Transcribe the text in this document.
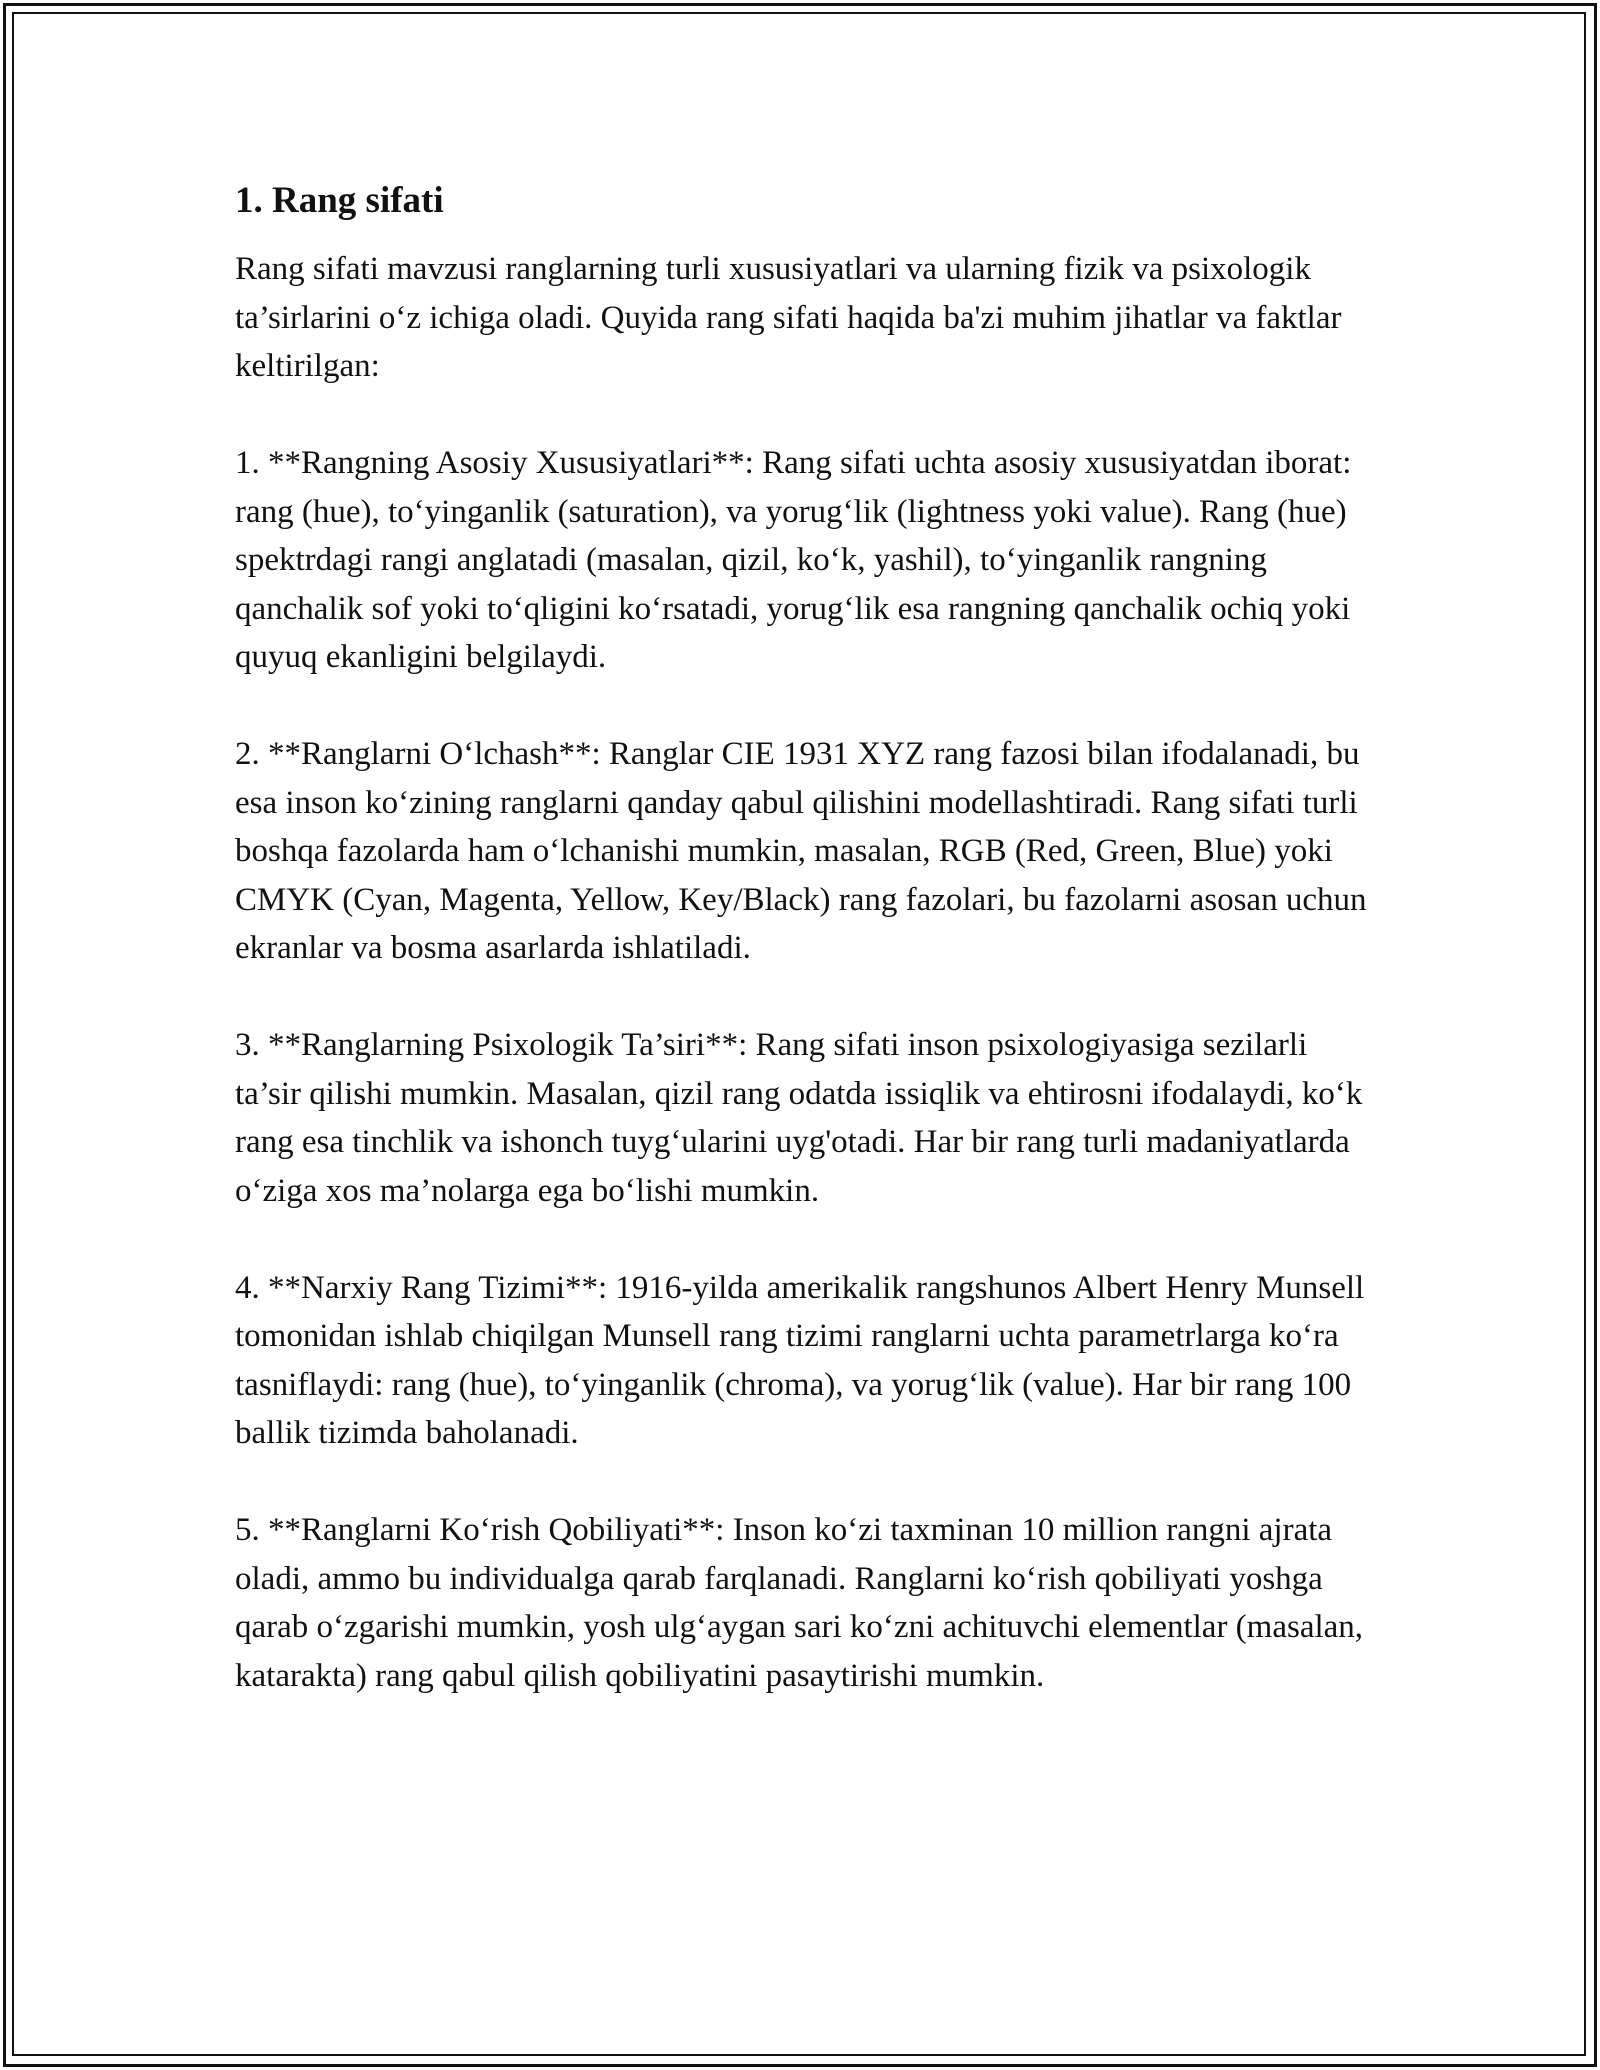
1. Rang sifati

Rang sifati mavzusi ranglarning turli xususiyatlari va ularning fizik va psixologik ta’sirlarini o‘z ichiga oladi. Quyida rang sifati haqida ba'zi muhim jihatlar va faktlar keltirilgan:

1. **Rangning Asosiy Xususiyatlari**: Rang sifati uchta asosiy xususiyatdan iborat: rang (hue), to‘yinganlik (saturation), va yorug‘lik (lightness yoki value). Rang (hue) spektrdagi rangi anglatadi (masalan, qizil, ko‘k, yashil), to‘yinganlik rangning qanchalik sof yoki to‘qligini ko‘rsatadi, yorug‘lik esa rangning qanchalik ochiq yoki quyuq ekanligini belgilaydi.

2. **Ranglarni O‘lchash**: Ranglar CIE 1931 XYZ rang fazosi bilan ifodalanadi, bu esa inson ko‘zining ranglarni qanday qabul qilishini modellashtiradi. Rang sifati turli boshqa fazolarda ham o‘lchanishi mumkin, masalan, RGB (Red, Green, Blue) yoki CMYK (Cyan, Magenta, Yellow, Key/Black) rang fazolari, bu fazolarni asosan uchun ekranlar va bosma asarlarda ishlatiladi.

3. **Ranglarning Psixologik Ta’siri**: Rang sifati inson psixologiyasiga sezilarli ta’sir qilishi mumkin. Masalan, qizil rang odatda issiqlik va ehtirosni ifodalaydi, ko‘k rang esa tinchlik va ishonch tuyg‘ularini uyg'otadi. Har bir rang turli madaniyatlarda o‘ziga xos ma’nolarga ega bo‘lishi mumkin.

4. **Narxiy Rang Tizimi**: 1916-yilda amerikalik rangshunos Albert Henry Munsell tomonidan ishlab chiqilgan Munsell rang tizimi ranglarni uchta parametrlarga ko‘ra tasniflaydi: rang (hue), to‘yinganlik (chroma), va yorug‘lik (value). Har bir rang 100 ballik tizimda baholanadi.

5. **Ranglarni Ko‘rish Qobiliyati**: Inson ko‘zi taxminan 10 million rangni ajrata oladi, ammo bu individualga qarab farqlanadi. Ranglarni ko‘rish qobiliyati yoshga qarab o‘zgarishi mumkin, yosh ulg‘aygan sari ko‘zni achituvchi elementlar (masalan, katarakta) rang qabul qilish qobiliyatini pasaytirishi mumkin.
